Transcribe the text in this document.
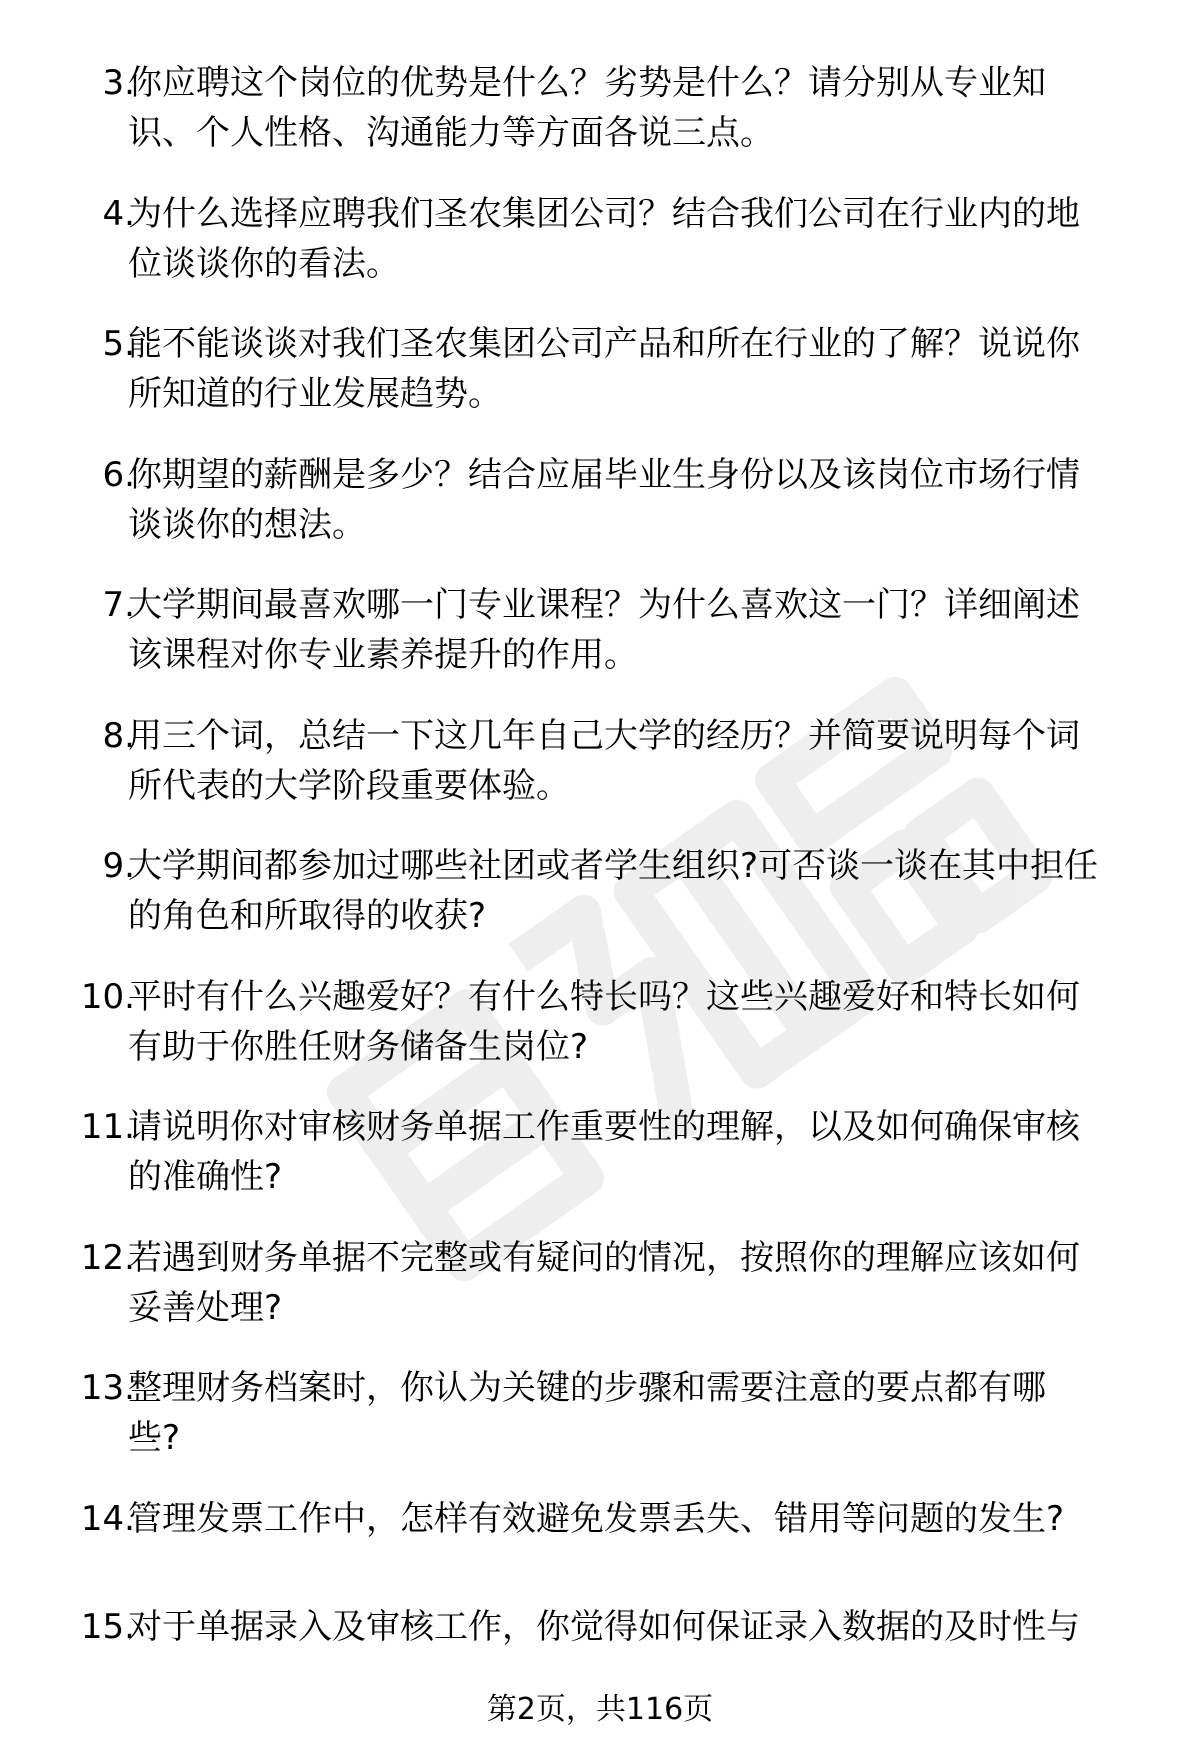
3.
你应聘这个岗位的优势是什么？劣势是什么？请分别从专业知
识、个人性格、沟通能力等方面各说三点。
4.
为什么选择应聘我们圣农集团公司？结合我们公司在行业内的地
位谈谈你的看法。
5.
能不能谈谈对我们圣农集团公司产品和所在行业的了解？说说你
所知道的行业发展趋势。
6.
你期望的薪酬是多少？结合应届毕业生身份以及该岗位市场行情
谈谈你的想法。
7.
大学期间最喜欢哪一门专业课程？为什么喜欢这一门？详细阐述
该课程对你专业素养提升的作用。
8.
用三个词，总结一下这几年自己大学的经历？并简要说明每个词
所代表的大学阶段重要体验。
9.
大学期间都参加过哪些社团或者学生组织?可否谈一谈在其中担任
的角色和所取得的收获?
10.
平时有什么兴趣爱好？有什么特长吗？这些兴趣爱好和特长如何
有助于你胜任财务储备生岗位?
11.
请说明你对审核财务单据工作重要性的理解，以及如何确保审核
的准确性?
12.
若遇到财务单据不完整或有疑问的情况，按照你的理解应该如何
妥善处理?
13.
整理财务档案时，你认为关键的步骤和需要注意的要点都有哪
些?
14.
管理发票工作中，怎样有效避免发票丢失、错用等问题的发生?
15.
对于单据录入及审核工作，你觉得如何保证录入数据的及时性与
第2页，共116页
